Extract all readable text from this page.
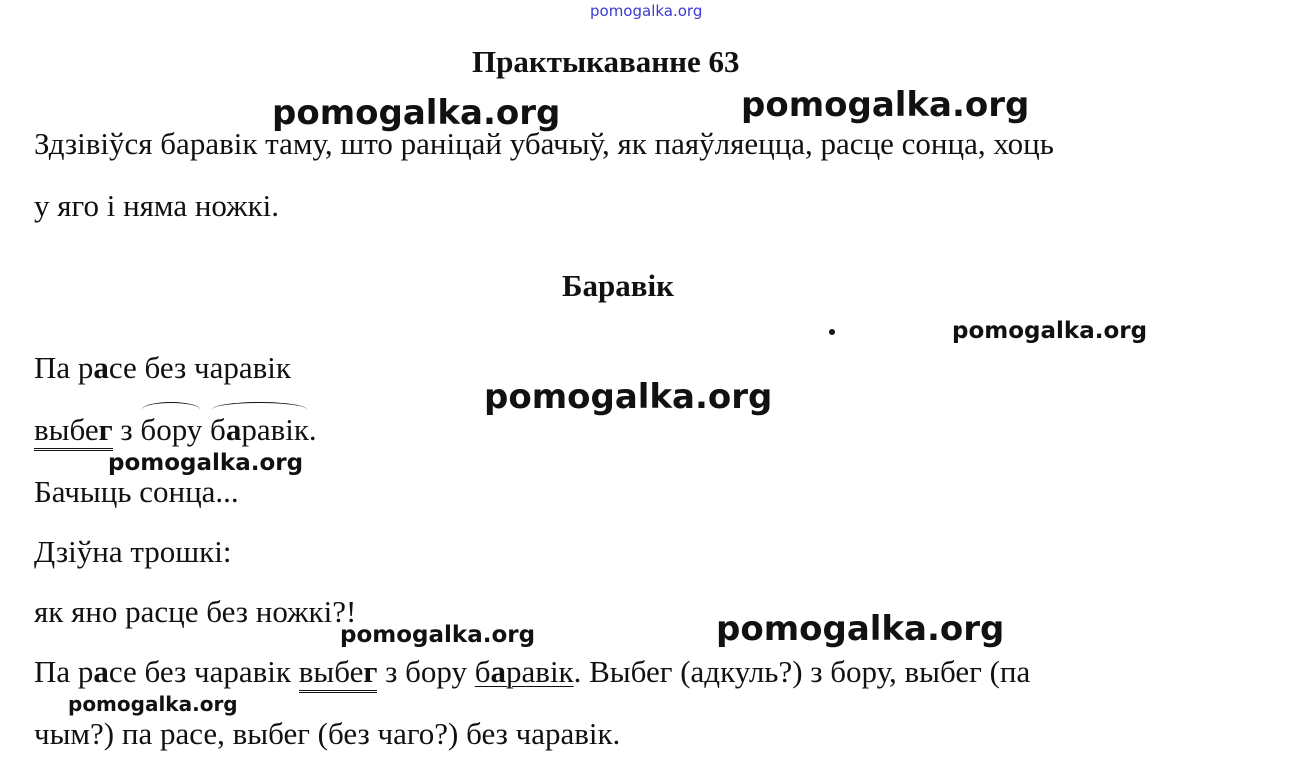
pomogalka.org
Практыкаванне 63
Здзівіўся баравік таму, што раніцай убачыў, як паяўляецца, расце сонца, хоць
у яго і няма ножкі.
Баравік
Па расе без чаравік
выбег з бору баравік.
Бачыць сонца...
Дзіўна трошкі:
як яно расце без ножкі?!
Па расе без чаравік выбег з бору баравік. Выбег (адкуль?) з бору, выбег (па
чым?) па расе, выбег (без чаго?) без чаравік.
pomogalka.org	pomogalka.org
pomogalka.org
pomogalka.org
pomogalka.org
pomogalka.org	pomogalka.org
pomogalka.org
